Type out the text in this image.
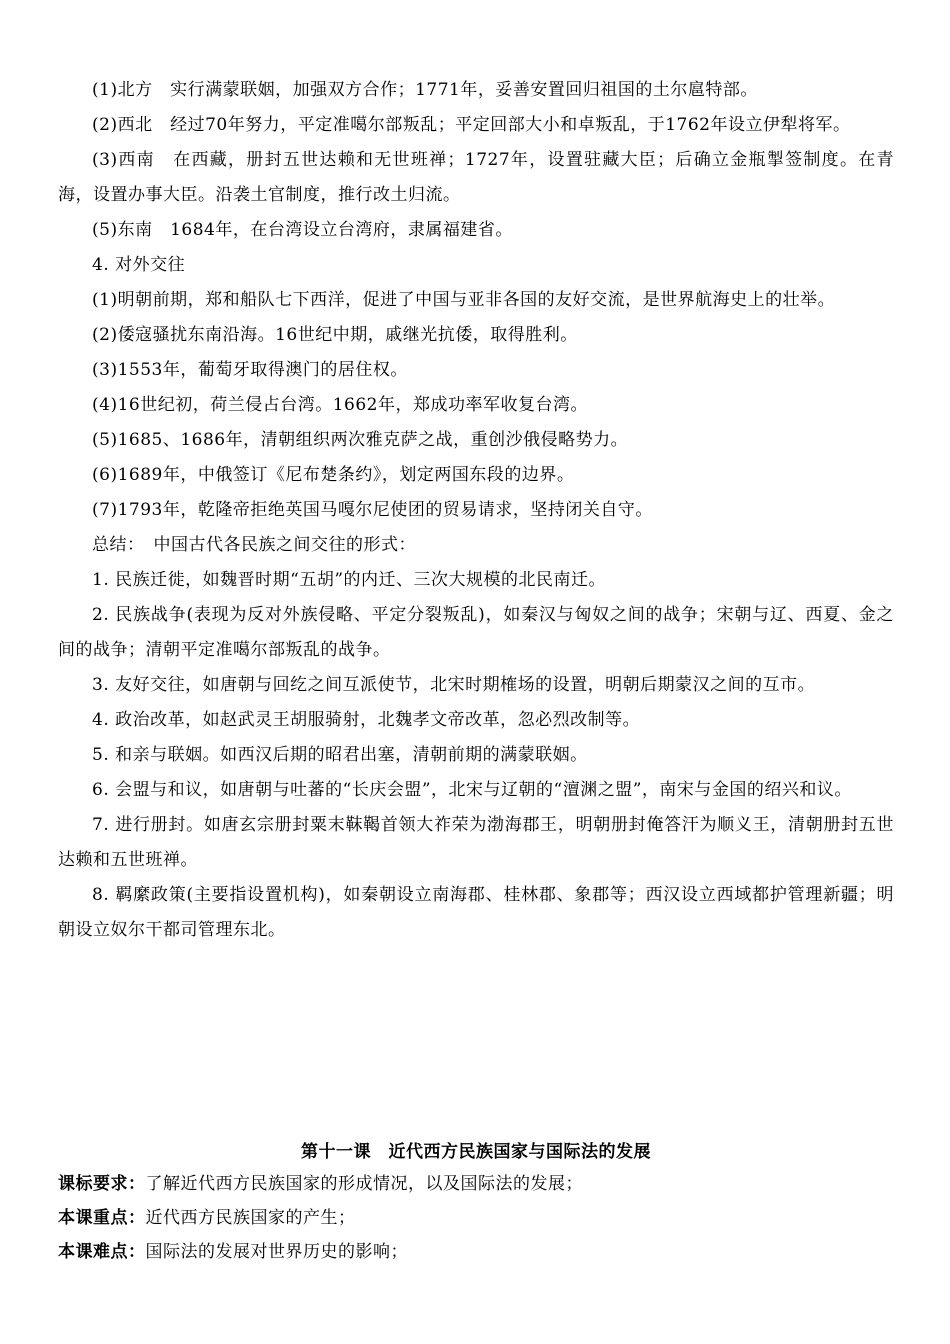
(1)北方　实行满蒙联姻，加强双方合作；1771年，妥善安置回归祖国的土尔扈特部。

(2)西北　经过70年努力，平定准噶尔部叛乱；平定回部大小和卓叛乱，于1762年设立伊犁将军。

(3)西南　在西藏，册封五世达赖和无世班禅；1727年，设置驻藏大臣；后确立金瓶掣签制度。在青海，设置办事大臣。沿袭土官制度，推行改土归流。

(5)东南　1684年，在台湾设立台湾府，隶属福建省。

4. 对外交往

(1)明朝前期，郑和船队七下西洋，促进了中国与亚非各国的友好交流，是世界航海史上的壮举。

(2)倭寇骚扰东南沿海。16世纪中期，戚继光抗倭，取得胜利。

(3)1553年，葡萄牙取得澳门的居住权。

(4)16世纪初，荷兰侵占台湾。1662年，郑成功率军收复台湾。

(5)1685、1686年，清朝组织两次雅克萨之战，重创沙俄侵略势力。

(6)1689年，中俄签订《尼布楚条约》，划定两国东段的边界。

(7)1793年，乾隆帝拒绝英国马嘎尔尼使团的贸易请求，坚持闭关自守。

总结：　中国古代各民族之间交往的形式：

1. 民族迁徙，如魏晋时期“五胡”的内迁、三次大规模的北民南迁。

2. 民族战争(表现为反对外族侵略、平定分裂叛乱)，如秦汉与匈奴之间的战争；宋朝与辽、西夏、金之间的战争；清朝平定准噶尔部叛乱的战争。

3. 友好交往，如唐朝与回纥之间互派使节，北宋时期榷场的设置，明朝后期蒙汉之间的互市。

4. 政治改革，如赵武灵王胡服骑射，北魏孝文帝改革，忽必烈改制等。

5. 和亲与联姻。如西汉后期的昭君出塞，清朝前期的满蒙联姻。

6. 会盟与和议，如唐朝与吐蕃的“长庆会盟”，北宋与辽朝的“澶渊之盟”，南宋与金国的绍兴和议。

7. 进行册封。如唐玄宗册封粟末靺鞨首领大祚荣为渤海郡王，明朝册封俺答汗为顺义王，清朝册封五世达赖和五世班禅。

8. 羁縻政策(主要指设置机构)，如秦朝设立南海郡、桂林郡、象郡等；西汉设立西域都护管理新疆；明朝设立奴尔干都司管理东北。

第十一课　近代西方民族国家与国际法的发展
课标要求：了解近代西方民族国家的形成情况，以及国际法的发展；
本课重点：近代西方民族国家的产生；
本课难点：国际法的发展对世界历史的影响；
